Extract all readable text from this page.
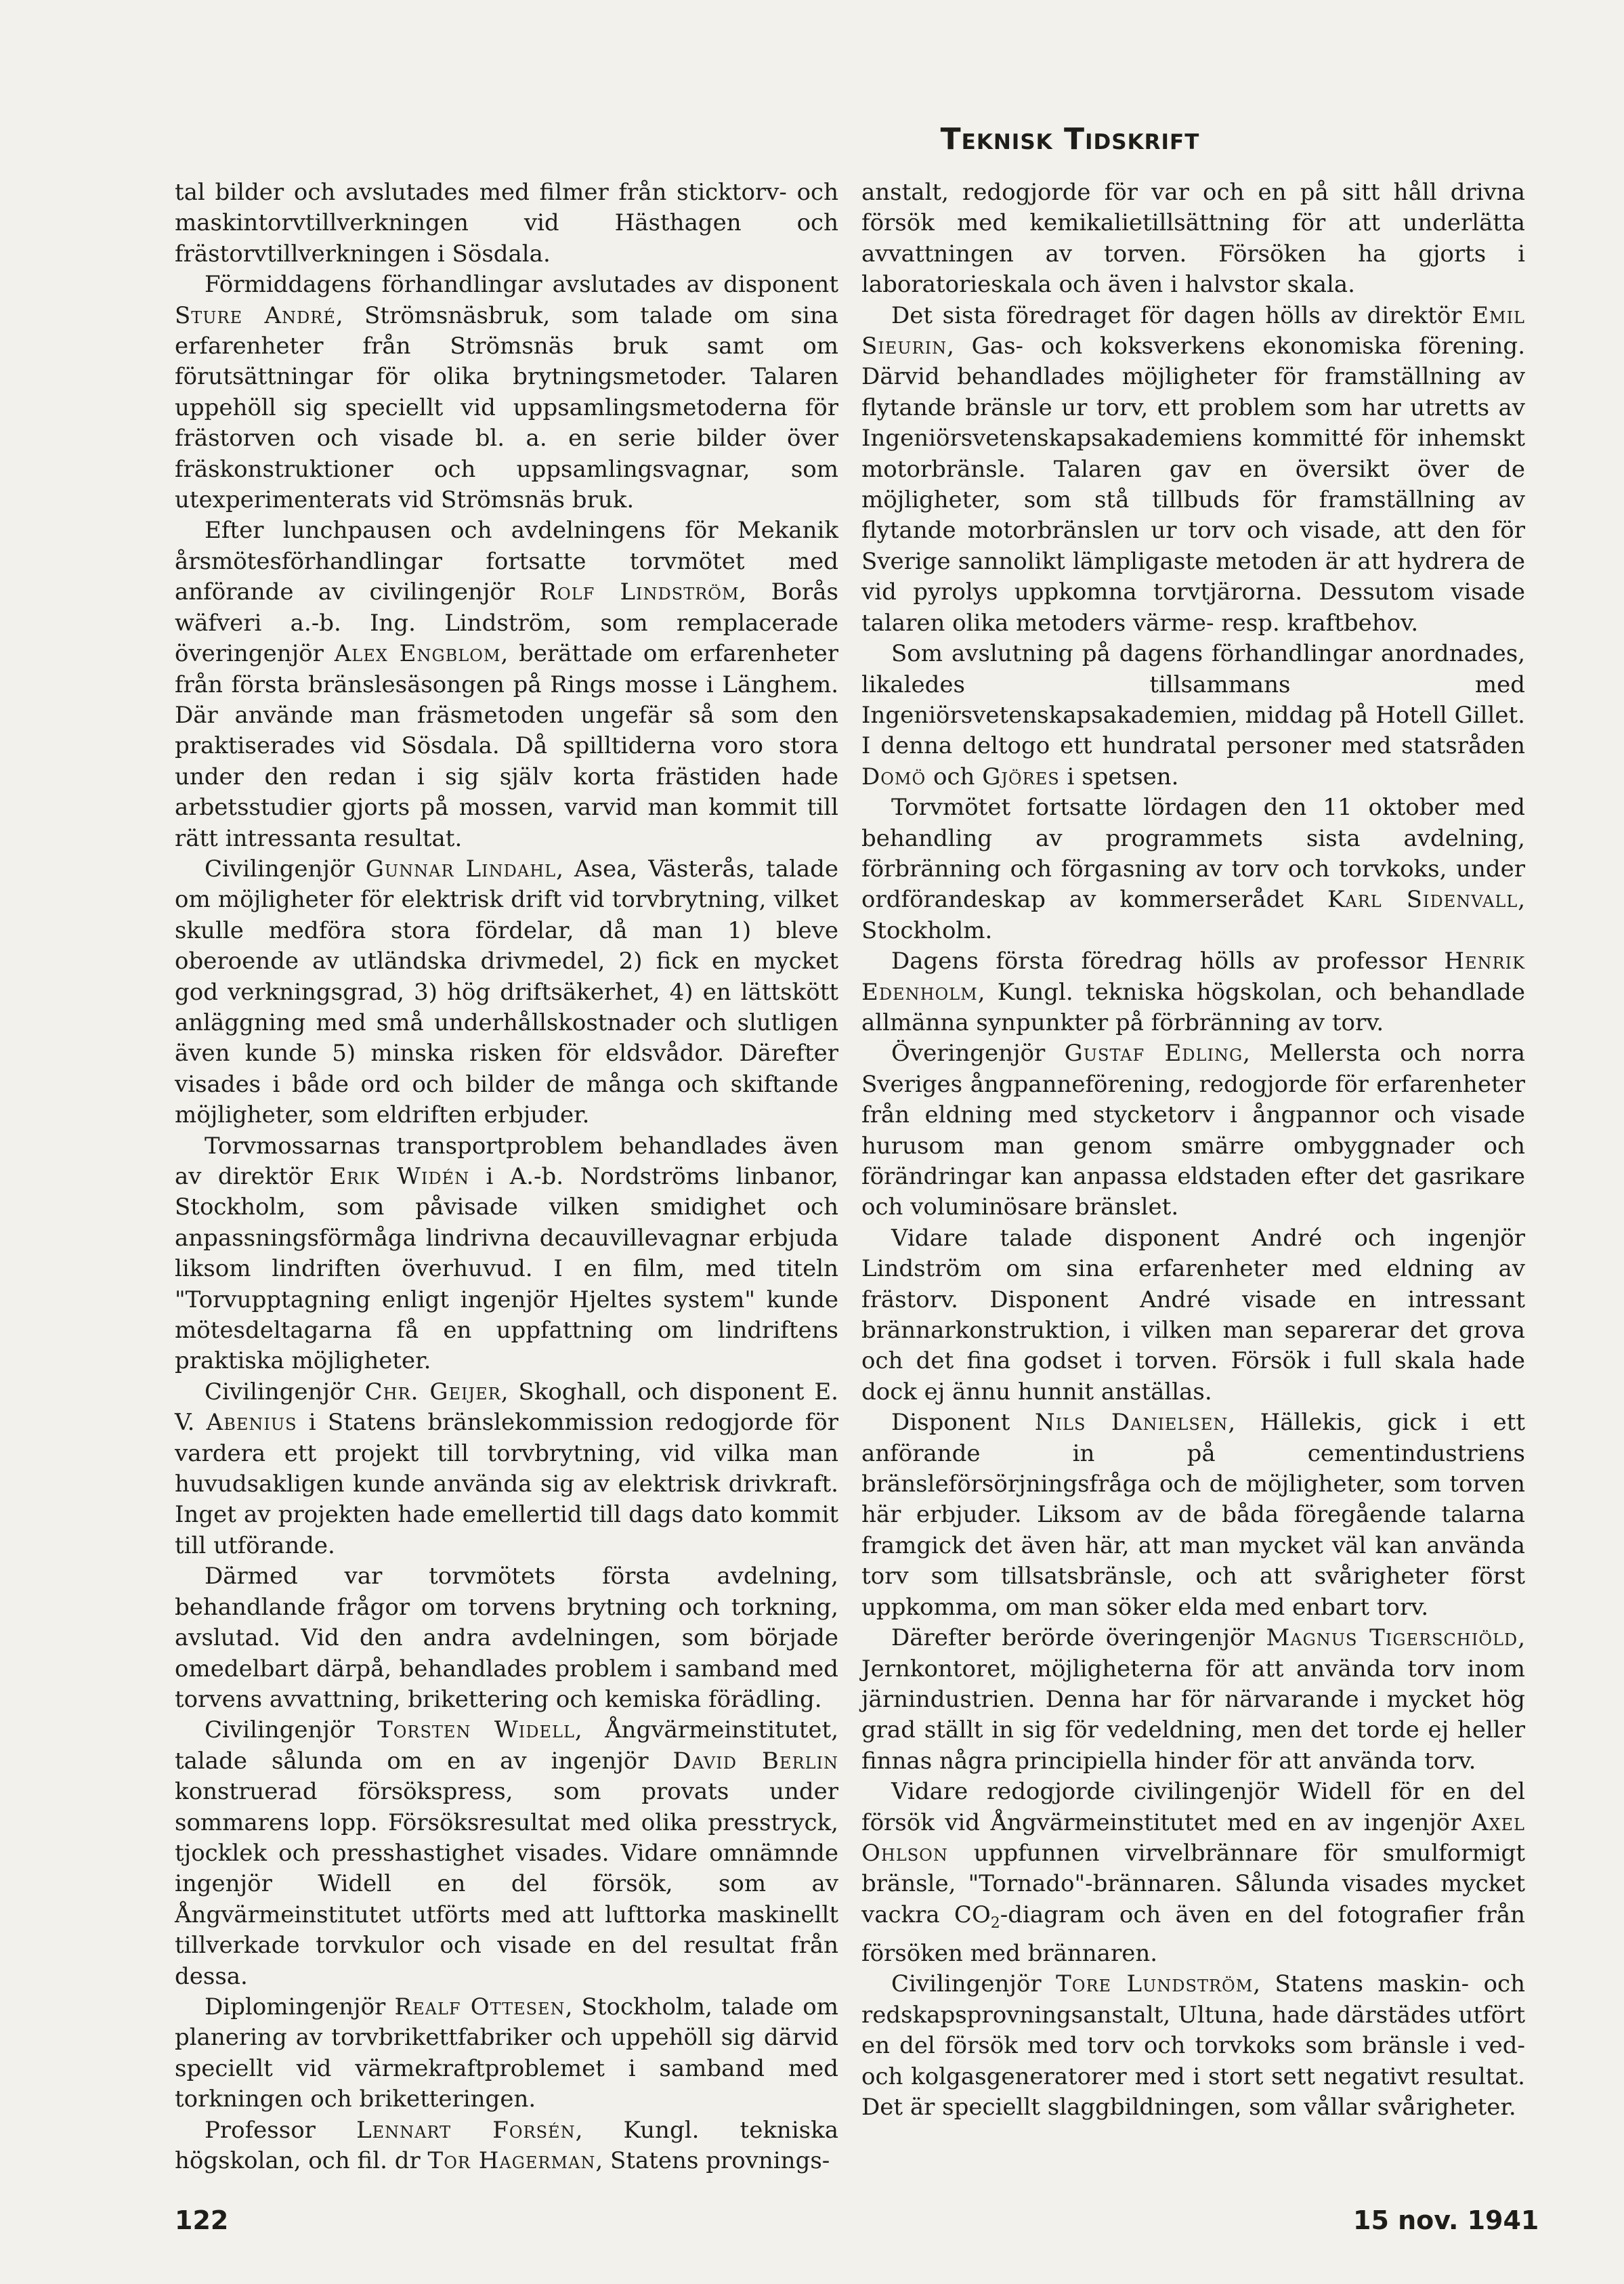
Teknisk Tidskrift

tal bilder och avslutades med filmer från sticktorv- och maskintorvtillverkningen vid Hästhagen och frästorvtillverkningen i Sösdala.

Förmiddagens förhandlingar avslutades av disponent Sture André, Strömsnäsbruk, som talade om sina erfarenheter från Strömsnäs bruk samt om förutsättningar för olika brytningsmetoder. Talaren uppehöll sig speciellt vid uppsamlingsmetoderna för frästorven och visade bl. a. en serie bilder över fräskonstruktioner och uppsamlingsvagnar, som utexperimenterats vid Strömsnäs bruk.

Efter lunchpausen och avdelningens för Mekanik årsmötesförhandlingar fortsatte torvmötet med anförande av civilingenjör Rolf Lindström, Borås wäfveri a.-b. Ing. Lindström, som remplacerade överingenjör Alex Engblom, berättade om erfarenheter från första bränslesäsongen på Rings mosse i Länghem. Där använde man fräsmetoden ungefär så som den praktiserades vid Sösdala. Då spilltiderna voro stora under den redan i sig själv korta frästiden hade arbetsstudier gjorts på mossen, varvid man kommit till rätt intressanta resultat.

Civilingenjör Gunnar Lindahl, Asea, Västerås, talade om möjligheter för elektrisk drift vid torvbrytning, vilket skulle medföra stora fördelar, då man 1) bleve oberoende av utländska drivmedel, 2) fick en mycket god verkningsgrad, 3) hög driftsäkerhet, 4) en lättskött anläggning med små underhållskostnader och slutligen även kunde 5) minska risken för eldsvådor. Därefter visades i både ord och bilder de många och skiftande möjligheter, som eldriften erbjuder.

Torvmossarnas transportproblem behandlades även av direktör Erik Widén i A.-b. Nordströms linbanor, Stockholm, som påvisade vilken smidighet och anpassningsförmåga lindrivna decauvillevagnar erbjuda liksom lindriften överhuvud. I en film, med titeln "Torvupptagning enligt ingenjör Hjeltes system" kunde mötesdeltagarna få en uppfattning om lindriftens praktiska möjligheter.

Civilingenjör Chr. Geijer, Skoghall, och disponent E. V. Abenius i Statens bränslekommission redogjorde för vardera ett projekt till torvbrytning, vid vilka man huvudsakligen kunde använda sig av elektrisk drivkraft. Inget av projekten hade emellertid till dags dato kommit till utförande.

Därmed var torvmötets första avdelning, behandlande frågor om torvens brytning och torkning, avslutad. Vid den andra avdelningen, som började omedelbart därpå, behandlades problem i samband med torvens avvattning, brikettering och kemiska förädling.

Civilingenjör Torsten Widell, Ångvärmeinstitutet, talade sålunda om en av ingenjör David Berlin konstruerad försökspress, som provats under sommarens lopp. Försöksresultat med olika presstryck, tjocklek och presshastighet visades. Vidare omnämnde ingenjör Widell en del försök, som av Ångvärmeinstitutet utförts med att lufttorka maskinellt tillverkade torvkulor och visade en del resultat från dessa.

Diplomingenjör Realf Ottesen, Stockholm, talade om planering av torvbrikettfabriker och uppehöll sig därvid speciellt vid värmekraftproblemet i samband med torkningen och briketteringen.

Professor Lennart Forsén, Kungl. tekniska högskolan, och fil. dr Tor Hagerman, Statens provnings-

anstalt, redogjorde för var och en på sitt håll drivna försök med kemikalietillsättning för att underlätta avvattningen av torven. Försöken ha gjorts i laboratorieskala och även i halvstor skala.

Det sista föredraget för dagen hölls av direktör Emil Sieurin, Gas- och koksverkens ekonomiska förening. Därvid behandlades möjligheter för framställning av flytande bränsle ur torv, ett problem som har utretts av Ingeniörsvetenskapsakademiens kommitté för inhemskt motorbränsle. Talaren gav en översikt över de möjligheter, som stå tillbuds för framställning av flytande motorbränslen ur torv och visade, att den för Sverige sannolikt lämpligaste metoden är att hydrera de vid pyrolys uppkomna torvtjärorna. Dessutom visade talaren olika metoders värme- resp. kraftbehov.

Som avslutning på dagens förhandlingar anordnades, likaledes tillsammans med Ingeniörsvetenskapsakademien, middag på Hotell Gillet. I denna deltogo ett hundratal personer med statsråden Domö och Gjöres i spetsen.

Torvmötet fortsatte lördagen den 11 oktober med behandling av programmets sista avdelning, förbränning och förgasning av torv och torvkoks, under ordförandeskap av kommerserådet Karl Sidenvall, Stockholm.

Dagens första föredrag hölls av professor Henrik Edenholm, Kungl. tekniska högskolan, och behandlade allmänna synpunkter på förbränning av torv.

Överingenjör Gustaf Edling, Mellersta och norra Sveriges ångpanneförening, redogjorde för erfarenheter från eldning med stycketorv i ångpannor och visade hurusom man genom smärre ombyggnader och förändringar kan anpassa eldstaden efter det gasrikare och voluminösare bränslet.

Vidare talade disponent André och ingenjör Lindström om sina erfarenheter med eldning av frästorv. Disponent André visade en intressant brännarkonstruktion, i vilken man separerar det grova och det fina godset i torven. Försök i full skala hade dock ej ännu hunnit anställas.

Disponent Nils Danielsen, Hällekis, gick i ett anförande in på cementindustriens bränsleförsörjningsfråga och de möjligheter, som torven här erbjuder. Liksom av de båda föregående talarna framgick det även här, att man mycket väl kan använda torv som tillsatsbränsle, och att svårigheter först uppkomma, om man söker elda med enbart torv.

Därefter berörde överingenjör Magnus Tigerschiöld, Jernkontoret, möjligheterna för att använda torv inom järnindustrien. Denna har för närvarande i mycket hög grad ställt in sig för vedeldning, men det torde ej heller finnas några principiella hinder för att använda torv.

Vidare redogjorde civilingenjör Widell för en del försök vid Ångvärmeinstitutet med en av ingenjör Axel Ohlson uppfunnen virvelbrännare för smulformigt bränsle, "Tornado"-brännaren. Sålunda visades mycket vackra $CO_2$-diagram och även en del fotografier från försöken med brännaren.

Civilingenjör Tore Lundström, Statens maskin- och redskapsprovningsanstalt, Ultuna, hade därstädes utfört en del försök med torv och torvkoks som bränsle i ved- och kolgasgeneratorer med i stort sett negativt resultat. Det är speciellt slaggbildningen, som vållar svårigheter.

122	15 nov. 1941
